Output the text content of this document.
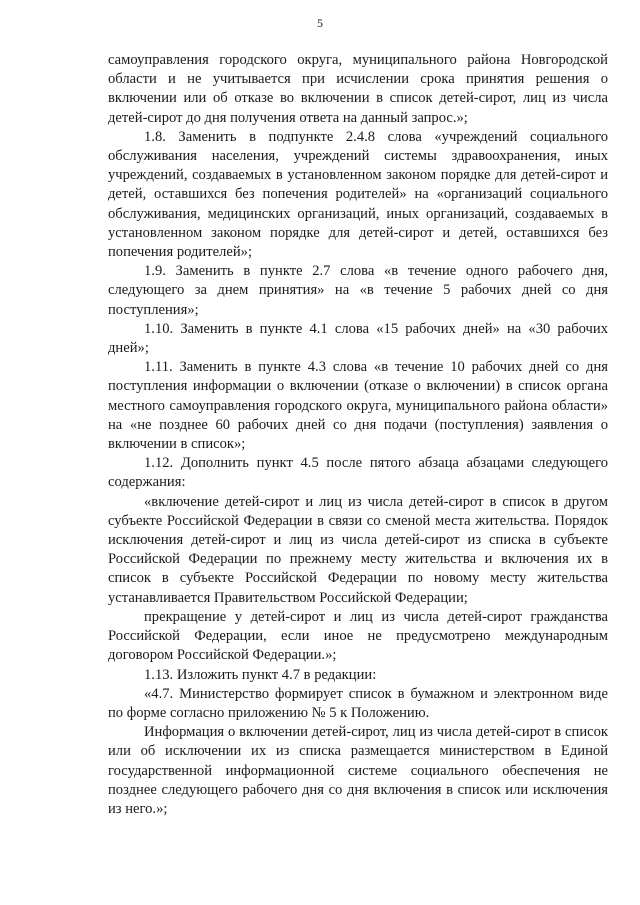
5

самоуправления городского округа, муниципального района Новгородской области и не учитывается при исчислении срока принятия решения о включении или об отказе во включении в список детей-сирот, лиц из числа детей-сирот до дня получения ответа на данный запрос.»;

1.8. Заменить в подпункте 2.4.8 слова «учреждений социального обслуживания населения, учреждений системы здравоохранения, иных учреждений, создаваемых в установленном законом порядке для детей-сирот и детей, оставшихся без попечения родителей» на «организаций социального обслуживания, медицинских организаций, иных организаций, создаваемых в установленном законом порядке для детей-сирот и детей, оставшихся без попечения родителей»;

1.9. Заменить в пункте 2.7 слова «в течение одного рабочего дня, следующего за днем принятия» на «в течение 5 рабочих дней со дня поступления»;

1.10. Заменить в пункте 4.1 слова «15 рабочих дней» на «30 рабочих дней»;

1.11. Заменить в пункте 4.3 слова «в течение 10 рабочих дней со дня поступления информации о включении (отказе о включении) в список органа местного самоуправления городского округа, муниципального района области» на «не позднее 60 рабочих дней со дня подачи (поступления) заявления о включении в список»;

1.12. Дополнить пункт 4.5 после пятого абзаца абзацами следующего содержания:

«включение детей-сирот и лиц из числа детей-сирот в список в другом субъекте Российской Федерации в связи со сменой места жительства. Порядок исключения детей-сирот и лиц из числа детей-сирот из списка в субъекте Российской Федерации по прежнему месту жительства и включения их в список в субъекте Российской Федерации по новому месту жительства устанавливается Правительством Российской Федерации;

прекращение у детей-сирот и лиц из числа детей-сирот гражданства Российской Федерации, если иное не предусмотрено международным договором Российской Федерации.»;

1.13. Изложить пункт 4.7 в редакции:

«4.7. Министерство формирует список в бумажном и электронном виде по форме согласно приложению № 5 к Положению.

Информация о включении детей-сирот, лиц из числа детей-сирот в список или об исключении их из списка размещается министерством в Единой государственной информационной системе социального обеспечения не позднее следующего рабочего дня со дня включения в список или исключения из него.»;
